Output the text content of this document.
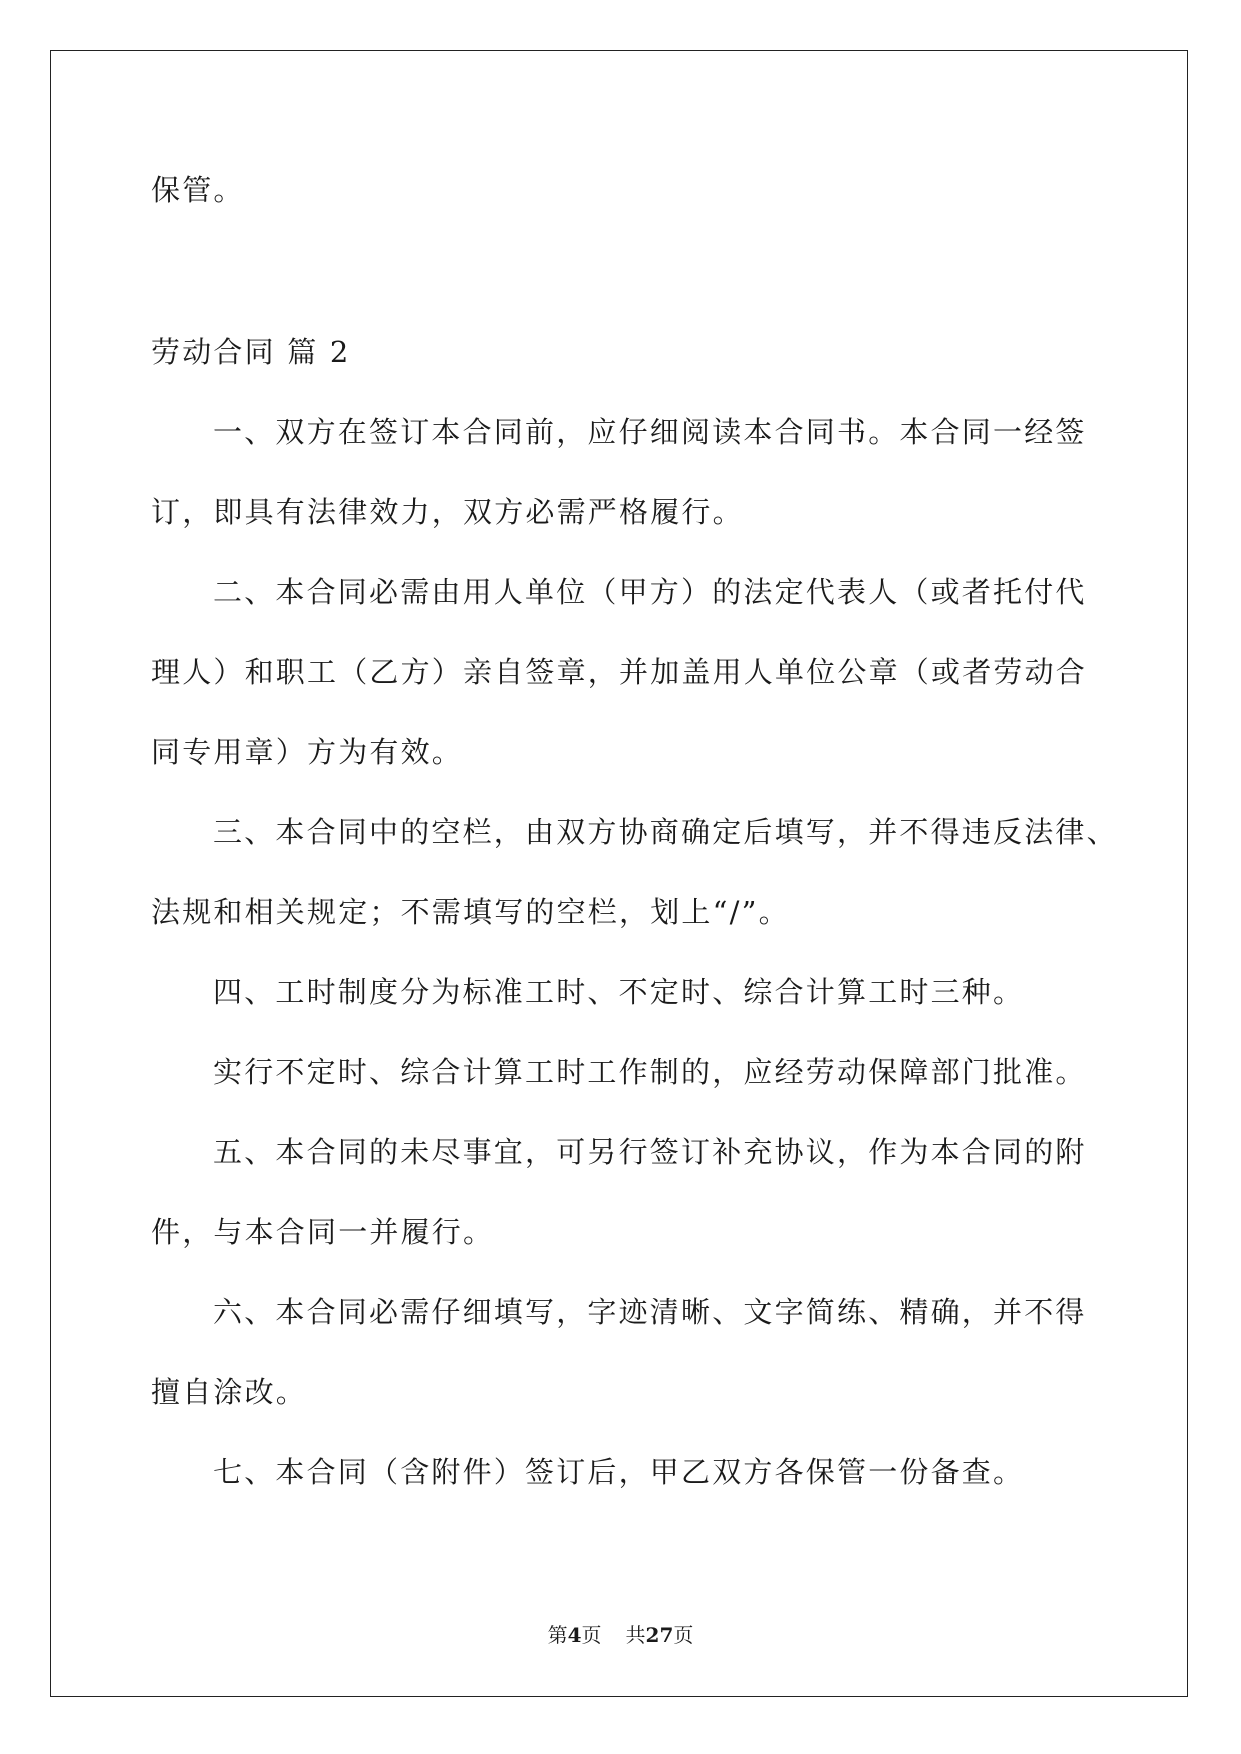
保管。
劳动合同 篇 2
一、双方在签订本合同前，应仔细阅读本合同书。本合同一经签
订，即具有法律效力，双方必需严格履行。
二、本合同必需由用人单位（甲方）的法定代表人（或者托付代
理人）和职工（乙方）亲自签章，并加盖用人单位公章（或者劳动合
同专用章）方为有效。
三、本合同中的空栏，由双方协商确定后填写，并不得违反法律、
法规和相关规定；不需填写的空栏，划上“/”。
四、工时制度分为标准工时、不定时、综合计算工时三种。
实行不定时、综合计算工时工作制的，应经劳动保障部门批准。
五、本合同的未尽事宜，可另行签订补充协议，作为本合同的附
件，与本合同一并履行。
六、本合同必需仔细填写，字迹清晰、文字简练、精确，并不得
擅自涂改。
七、本合同（含附件）签订后，甲乙双方各保管一份备查。
第4页 共27页
